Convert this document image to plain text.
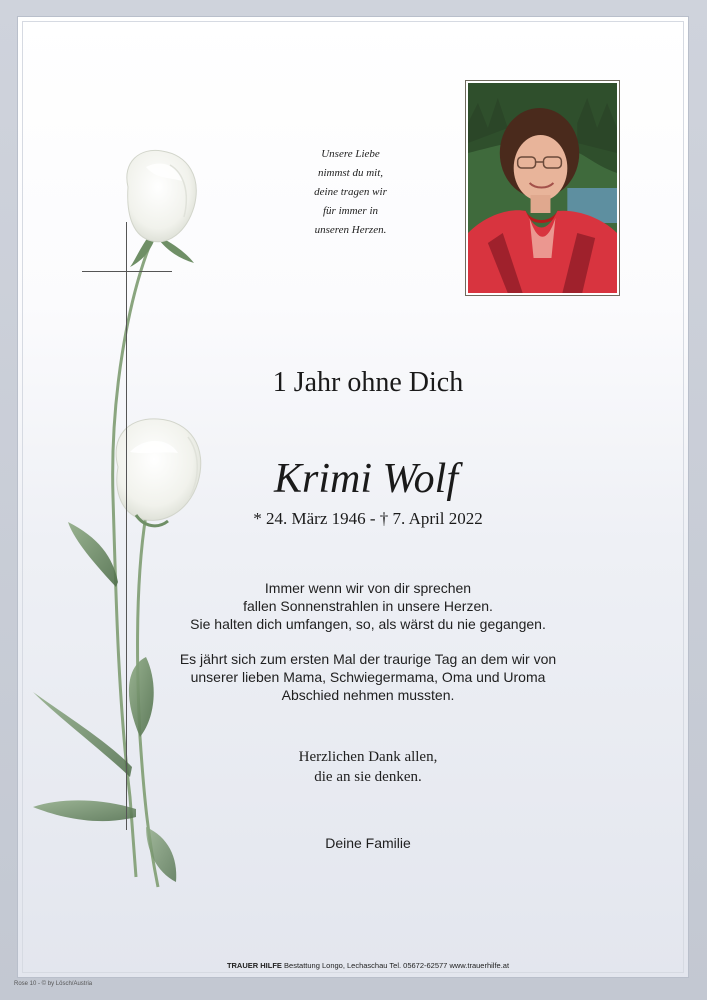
Unsere Liebe
nimmst du mit,
deine tragen wir
für immer in
unseren Herzen.
1 Jahr ohne Dich
Krimi Wolf
* 24. März 1946 - † 7. April 2022
Immer wenn wir von dir sprechen
fallen Sonnenstrahlen in unsere Herzen.
Sie halten dich umfangen, so, als wärst du nie gegangen.
Es jährt sich zum ersten Mal der traurige Tag an dem wir von
unserer lieben Mama, Schwiegermama, Oma und Uroma
Abschied nehmen mussten.
Herzlichen Dank allen,
die an sie denken.
Deine Familie
TRAUER HILFE Bestattung Longo, Lechaschau Tel. 05672-62577 www.trauerhilfe.at
Rose 10 - © by Lösch/Austria
